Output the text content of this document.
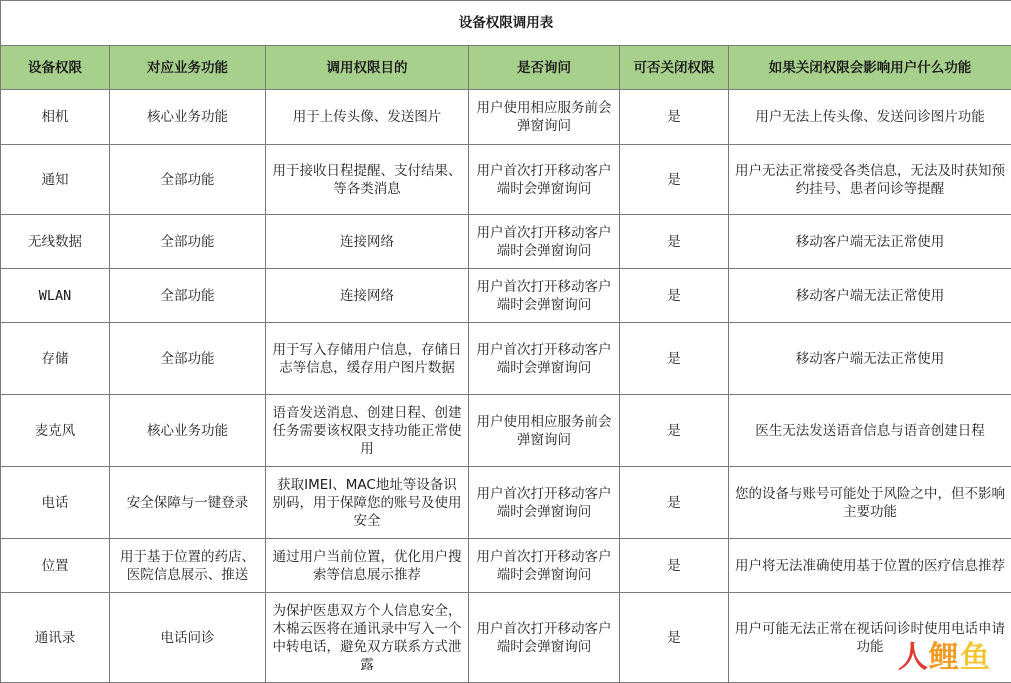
设备权限调用表					
设备权限	对应业务功能	调用权限目的	是否询问	可否关闭权限	如果关闭权限会影响用户什么功能
相机	核心业务功能	用于上传头像、发送图片	用户使用相应服务前会弹窗询问	是	用户无法上传头像、发送问诊图片功能
通知	全部功能	用于接收日程提醒、支付结果、等各类消息	用户首次打开移动客户端时会弹窗询问	是	用户无法正常接受各类信息，无法及时获知预约挂号、患者问诊等提醒
无线数据	全部功能	连接网络	用户首次打开移动客户端时会弹窗询问	是	移动客户端无法正常使用
WLAN	全部功能	连接网络	用户首次打开移动客户端时会弹窗询问	是	移动客户端无法正常使用
存储	全部功能	用于写入存储用户信息，存储日志等信息，缓存用户图片数据	用户首次打开移动客户端时会弹窗询问	是	移动客户端无法正常使用
麦克风	核心业务功能	语音发送消息、创建日程、创建任务需要该权限支持功能正常使用	用户使用相应服务前会弹窗询问	是	医生无法发送语音信息与语音创建日程
电话	安全保障与一键登录	获取IMEI、MAC地址等设备识别码，用于保障您的账号及使用安全	用户首次打开移动客户端时会弹窗询问	是	您的设备与账号可能处于风险之中，但不影响主要功能
位置	用于基于位置的药店、医院信息展示、推送	通过用户当前位置，优化用户搜索等信息展示推荐	用户首次打开移动客户端时会弹窗询问	是	用户将无法准确使用基于位置的医疗信息推荐
通讯录	电话问诊	为保护医患双方个人信息安全，木棉云医将在通讯录中写入一个中转电话，避免双方联系方式泄露	用户首次打开移动客户端时会弹窗询问	是	用户可能无法正常在视话问诊时使用电话申请功能 人鲤鱼
